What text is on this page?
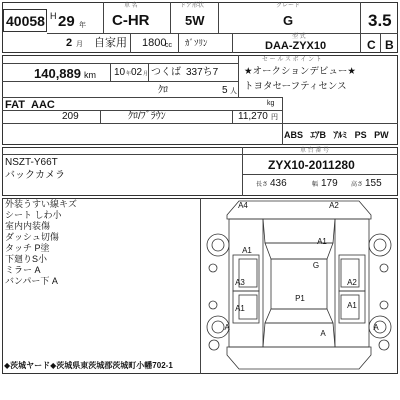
40058 H 29 年
車 名
C-HR
ドア形状
5W
グレード
G	3.5
2 月 自家用 1800
cc ｶﾞｿﾘﾝ
型 式
DAA-ZYX10	C B
140,889 km 10 年 02 月 つくば 337ち7
セ ー ル ス ポ イ ン ト
★オークションデビュー★
トヨタセーフティセンス
ｸﾛ	5 人
kg
FAT AAC
209	ｸﾛ/ﾌﾞﾗｳﾝ	11,270 円
ABS ｴｱB ｱﾙﾐ PS PW
NSZT-Y66T
バックカメラ
車 台 番 号
ZYX10-2011280
長さ 436	幅 179 高さ 155
外装うすい線キズ
シート しわ小
室内内装傷
ダッシュ切傷
タッチ P塗
下廻りS小
ミラー A
バンパー下 A
◆茨城ヤード◆茨城県東茨城郡茨城町小幡702-1
A4	A2
A1
A1
G
A3	A2
P1
A1	A1
A
A
A
